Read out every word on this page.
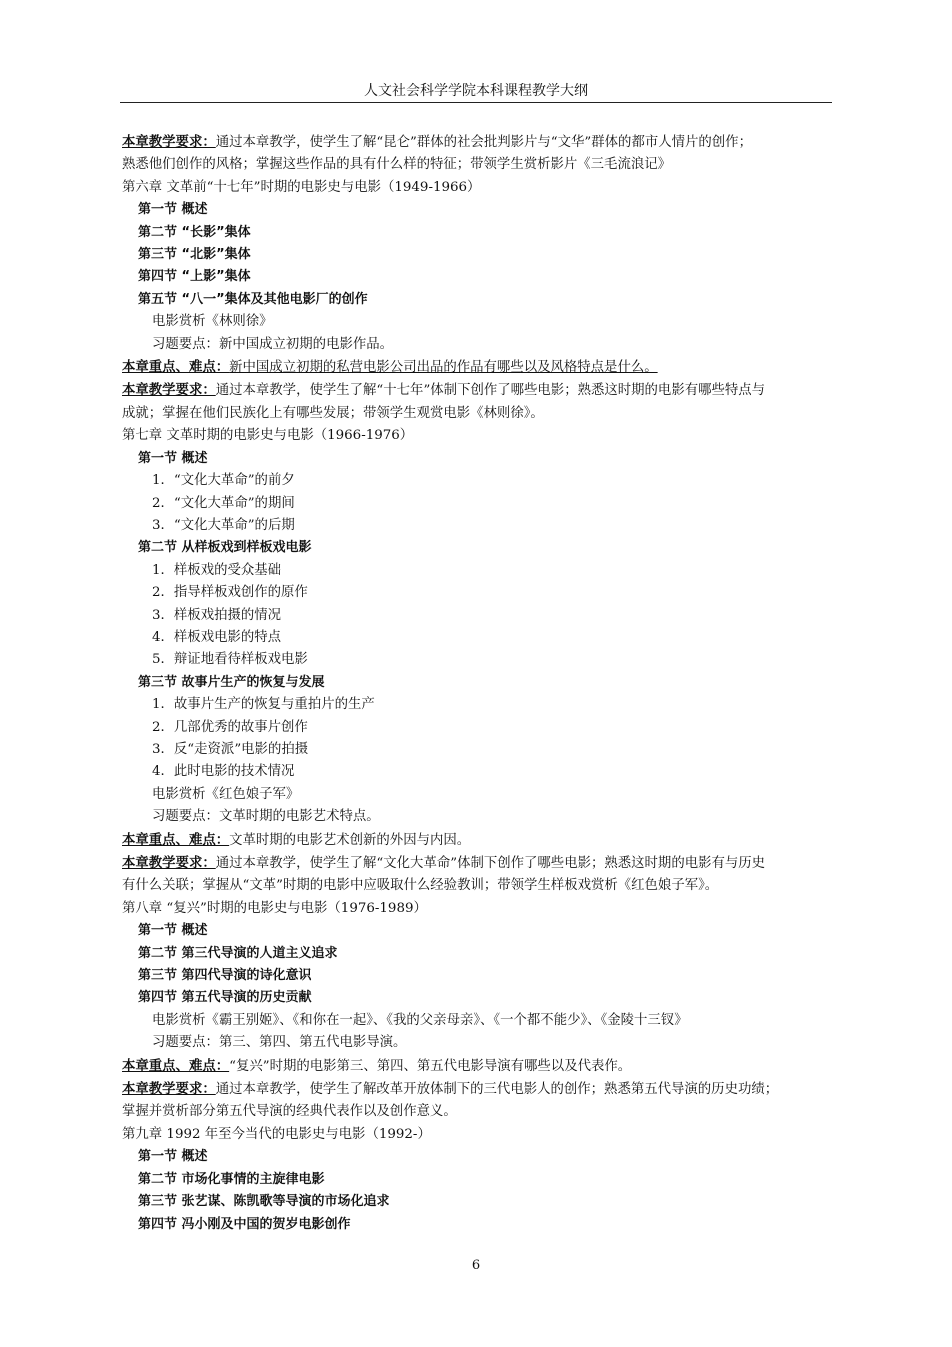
人文社会科学学院本科课程教学大纲
本章教学要求：通过本章教学，使学生了解“昆仑”群体的社会批判影片与“文华”群体的都市人情片的创作；
熟悉他们创作的风格；掌握这些作品的具有什么样的特征；带领学生赏析影片《三毛流浪记》
第六章 文革前“十七年”时期的电影史与电影（1949-1966）
第一节 概述
第二节 “长影”集体
第三节 “北影”集体
第四节 “上影”集体
第五节 “八一”集体及其他电影厂的创作
电影赏析《林则徐》
习题要点：新中国成立初期的电影作品。
本章重点、难点：新中国成立初期的私营电影公司出品的作品有哪些以及风格特点是什么。
本章教学要求：通过本章教学，使学生了解“十七年”体制下创作了哪些电影；熟悉这时期的电影有哪些特点与
成就；掌握在他们民族化上有哪些发展；带领学生观赏电影《林则徐》。
第七章 文革时期的电影史与电影（1966-1976）
第一节 概述
1．“文化大革命”的前夕
2．“文化大革命”的期间
3．“文化大革命”的后期
第二节 从样板戏到样板戏电影
1．样板戏的受众基础
2．指导样板戏创作的原作
3．样板戏拍摄的情况
4．样板戏电影的特点
5．辩证地看待样板戏电影
第三节 故事片生产的恢复与发展
1．故事片生产的恢复与重拍片的生产
2．几部优秀的故事片创作
3．反“走资派”电影的拍摄
4．此时电影的技术情况
电影赏析《红色娘子军》
习题要点：文革时期的电影艺术特点。
本章重点、难点：文革时期的电影艺术创新的外因与内因。
本章教学要求：通过本章教学，使学生了解“文化大革命”体制下创作了哪些电影；熟悉这时期的电影有与历史
有什么关联；掌握从“文革”时期的电影中应吸取什么经验教训；带领学生样板戏赏析《红色娘子军》。
第八章 “复兴”时期的电影史与电影（1976-1989）
第一节 概述
第二节 第三代导演的人道主义追求
第三节 第四代导演的诗化意识
第四节 第五代导演的历史贡献
电影赏析《霸王别姬》、《和你在一起》、《我的父亲母亲》、《一个都不能少》、《金陵十三钗》
习题要点：第三、第四、第五代电影导演。
本章重点、难点：“复兴”时期的电影第三、第四、第五代电影导演有哪些以及代表作。
本章教学要求：通过本章教学，使学生了解改革开放体制下的三代电影人的创作；熟悉第五代导演的历史功绩；
掌握并赏析部分第五代导演的经典代表作以及创作意义。
第九章 1992 年至今当代的电影史与电影（1992-）
第一节 概述
第二节 市场化事情的主旋律电影
第三节 张艺谋、陈凯歌等导演的市场化追求
第四节 冯小刚及中国的贺岁电影创作
6
